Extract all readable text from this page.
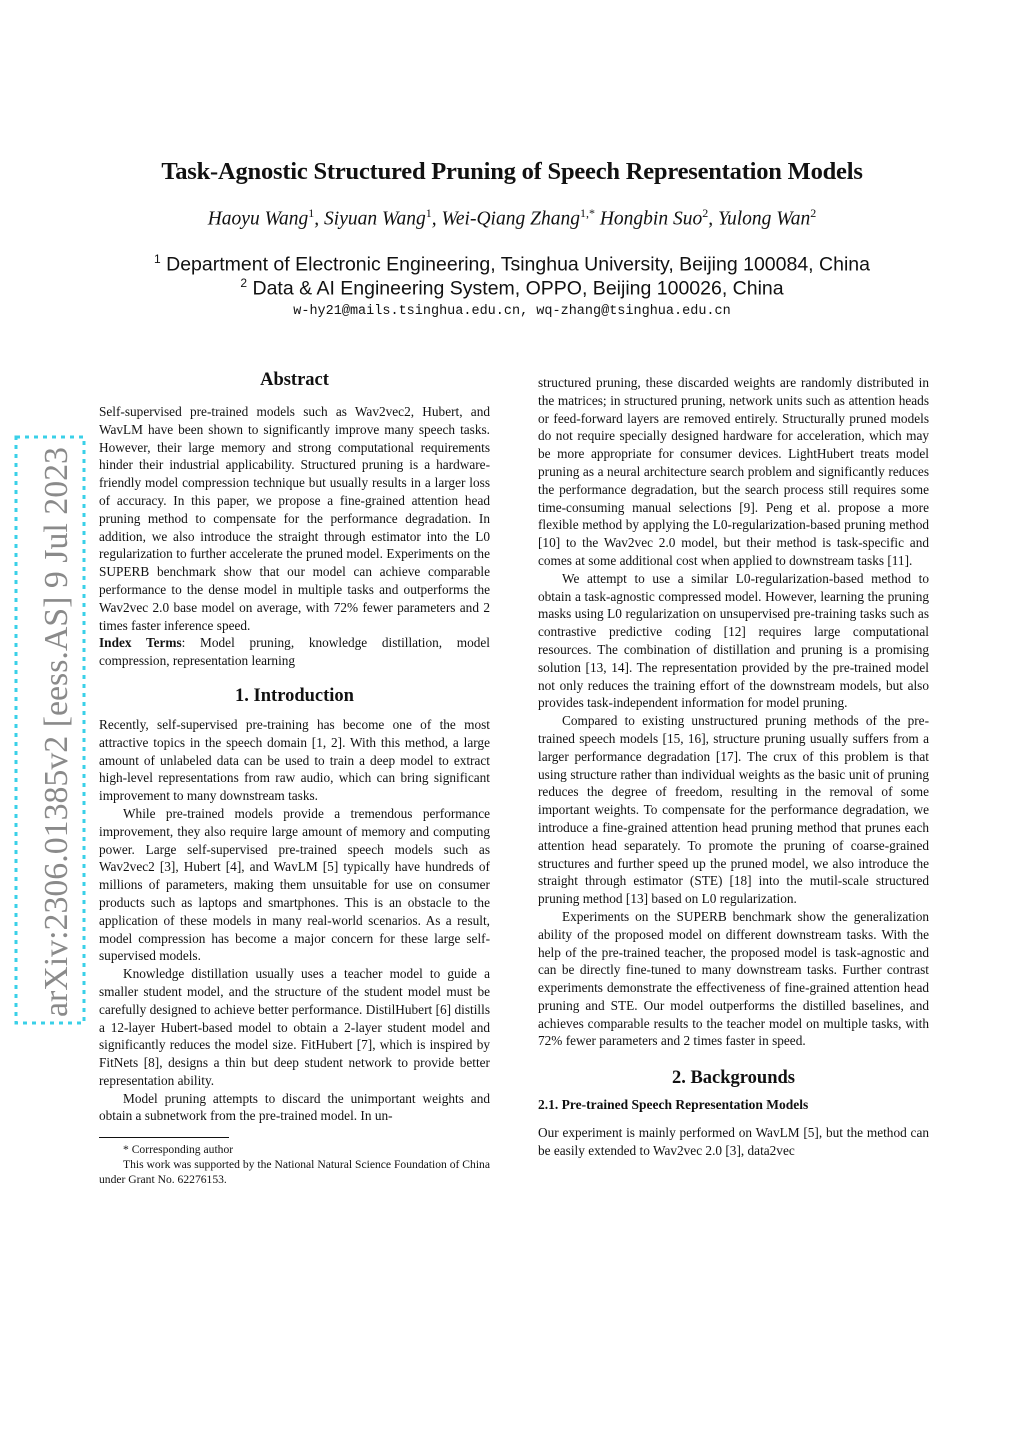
arXiv:2306.01385v2 [eess.AS] 9 Jul 2023
Task-Agnostic Structured Pruning of Speech Representation Models
Haoyu Wang$^1$, Siyuan Wang$^1$, Wei-Qiang Zhang$^{1,*}$ Hongbin Suo$^2$, Yulong Wan$^2$
$^1$ Department of Electronic Engineering, Tsinghua University, Beijing 100084, China
$^2$ Data & AI Engineering System, OPPO, Beijing 100026, China
w-hy21@mails.tsinghua.edu.cn, wq-zhang@tsinghua.edu.cn
Abstract

Self-supervised pre-trained models such as Wav2vec2, Hubert, and WavLM have been shown to significantly improve many speech tasks. However, their large memory and strong computational requirements hinder their industrial applicability. Structured pruning is a hardware-friendly model compression technique but usually results in a larger loss of accuracy. In this paper, we propose a fine-grained attention head pruning method to compensate for the performance degradation. In addition, we also introduce the straight through estimator into the L0 regularization to further accelerate the pruned model. Experiments on the SUPERB benchmark show that our model can achieve comparable performance to the dense model in multiple tasks and outperforms the Wav2vec 2.0 base model on average, with 72% fewer parameters and 2 times faster inference speed.

Index Terms: Model pruning, knowledge distillation, model compression, representation learning

1. Introduction

Recently, self-supervised pre-training has become one of the most attractive topics in the speech domain [1, 2]. With this method, a large amount of unlabeled data can be used to train a deep model to extract high-level representations from raw audio, which can bring significant improvement to many downstream tasks.

While pre-trained models provide a tremendous performance improvement, they also require large amount of memory and computing power. Large self-supervised pre-trained speech models such as Wav2vec2 [3], Hubert [4], and WavLM [5] typically have hundreds of millions of parameters, making them unsuitable for use on consumer products such as laptops and smartphones. This is an obstacle to the application of these models in many real-world scenarios. As a result, model compression has become a major concern for these large self-supervised models.

Knowledge distillation usually uses a teacher model to guide a smaller student model, and the structure of the student model must be carefully designed to achieve better performance. DistilHubert [6] distills a 12-layer Hubert-based model to obtain a 2-layer student model and significantly reduces the model size. FitHubert [7], which is inspired by FitNets [8], designs a thin but deep student network to provide better representation ability.

Model pruning attempts to discard the unimportant weights and obtain a subnetwork from the pre-trained model. In un-

* Corresponding author

This work was supported by the National Natural Science Foundation of China under Grant No. 62276153.

structured pruning, these discarded weights are randomly distributed in the matrices; in structured pruning, network units such as attention heads or feed-forward layers are removed entirely. Structurally pruned models do not require specially designed hardware for acceleration, which may be more appropriate for consumer devices. LightHubert treats model pruning as a neural architecture search problem and significantly reduces the performance degradation, but the search process still requires some time-consuming manual selections [9]. Peng et al. propose a more flexible method by applying the L0-regularization-based pruning method [10] to the Wav2vec 2.0 model, but their method is task-specific and comes at some additional cost when applied to downstream tasks [11].

We attempt to use a similar L0-regularization-based method to obtain a task-agnostic compressed model. However, learning the pruning masks using L0 regularization on unsupervised pre-training tasks such as contrastive predictive coding [12] requires large computational resources. The combination of distillation and pruning is a promising solution [13, 14]. The representation provided by the pre-trained model not only reduces the training effort of the downstream models, but also provides task-independent information for model pruning.

Compared to existing unstructured pruning methods of the pre-trained speech models [15, 16], structure pruning usually suffers from a larger performance degradation [17]. The crux of this problem is that using structure rather than individual weights as the basic unit of pruning reduces the degree of freedom, resulting in the removal of some important weights. To compensate for the performance degradation, we introduce a fine-grained attention head pruning method that prunes each attention head separately. To promote the pruning of coarse-grained structures and further speed up the pruned model, we also introduce the straight through estimator (STE) [18] into the mutil-scale structured pruning method [13] based on L0 regularization.

Experiments on the SUPERB benchmark show the generalization ability of the proposed model on different downstream tasks. With the help of the pre-trained teacher, the proposed model is task-agnostic and can be directly fine-tuned to many downstream tasks. Further contrast experiments demonstrate the effectiveness of fine-grained attention head pruning and STE. Our model outperforms the distilled baselines, and achieves comparable results to the teacher model on multiple tasks, with 72% fewer parameters and 2 times faster in speed.

2. Backgrounds
2.1. Pre-trained Speech Representation Models

Our experiment is mainly performed on WavLM [5], but the method can be easily extended to Wav2vec 2.0 [3], data2vec
